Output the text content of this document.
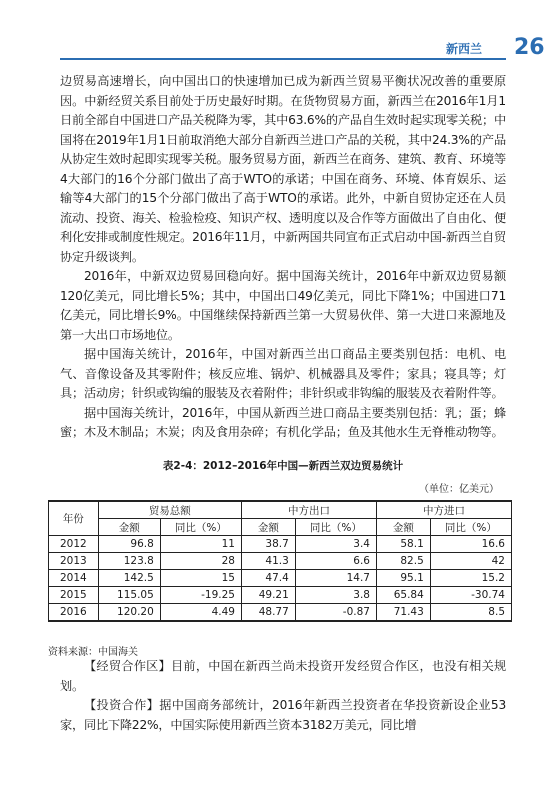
新西兰 26

边贸易高速增长，向中国出口的快速增加已成为新西兰贸易平衡状况改善的重要原因。中新经贸关系目前处于历史最好时期。在货物贸易方面，新西兰在2016年1月1日前全部自中国进口产品关税降为零，其中63.6%的产品自生效时起实现零关税；中国将在2019年1月1日前取消绝大部分自新西兰进口产品的关税，其中24.3%的产品从协定生效时起即实现零关税。服务贸易方面，新西兰在商务、建筑、教育、环境等4大部门的16个分部门做出了高于WTO的承诺；中国在商务、环境、体育娱乐、运输等4大部门的15个分部门做出了高于WTO的承诺。此外，中新自贸协定还在人员流动、投资、海关、检验检疫、知识产权、透明度以及合作等方面做出了自由化、便利化安排或制度性规定。2016年11月，中新两国共同宣布正式启动中国-新西兰自贸协定升级谈判。

2016年，中新双边贸易回稳向好。据中国海关统计，2016年中新双边贸易额120亿美元，同比增长5%；其中，中国出口49亿美元，同比下降1%；中国进口71亿美元，同比增长9%。中国继续保持新西兰第一大贸易伙伴、第一大进口来源地及第一大出口市场地位。

据中国海关统计，2016年，中国对新西兰出口商品主要类别包括：电机、电气、音像设备及其零附件；核反应堆、锅炉、机械器具及零件；家具；寝具等；灯具；活动房；针织或钩编的服装及衣着附件；非针织或非钩编的服装及衣着附件等。

据中国海关统计，2016年，中国从新西兰进口商品主要类别包括：乳；蛋；蜂蜜；木及木制品；木炭；肉及食用杂碎；有机化学品；鱼及其他水生无脊椎动物等。

表2-4：2012–2016年中国—新西兰双边贸易统计
（单位：亿美元）
年份	贸易总额		中方出口		中方进口	
	金额	同比（%）	金额	同比（%）	金额	同比（%）
2012	96.8	11	38.7	3.4	58.1	16.6
2013	123.8	28	41.3	6.6	82.5	42
2014	142.5	15	47.4	14.7	95.1	15.2
2015	115.05	-19.25	49.21	3.8	65.84	-30.74
2016	120.20	4.49	48.77	-0.87	71.43	8.5
资料来源：中国海关

【经贸合作区】目前，中国在新西兰尚未投资开发经贸合作区，也没有相关规划。

【投资合作】据中国商务部统计，2016年新西兰投资者在华投资新设企业53家，同比下降22%，中国实际使用新西兰资本3182万美元，同比增
